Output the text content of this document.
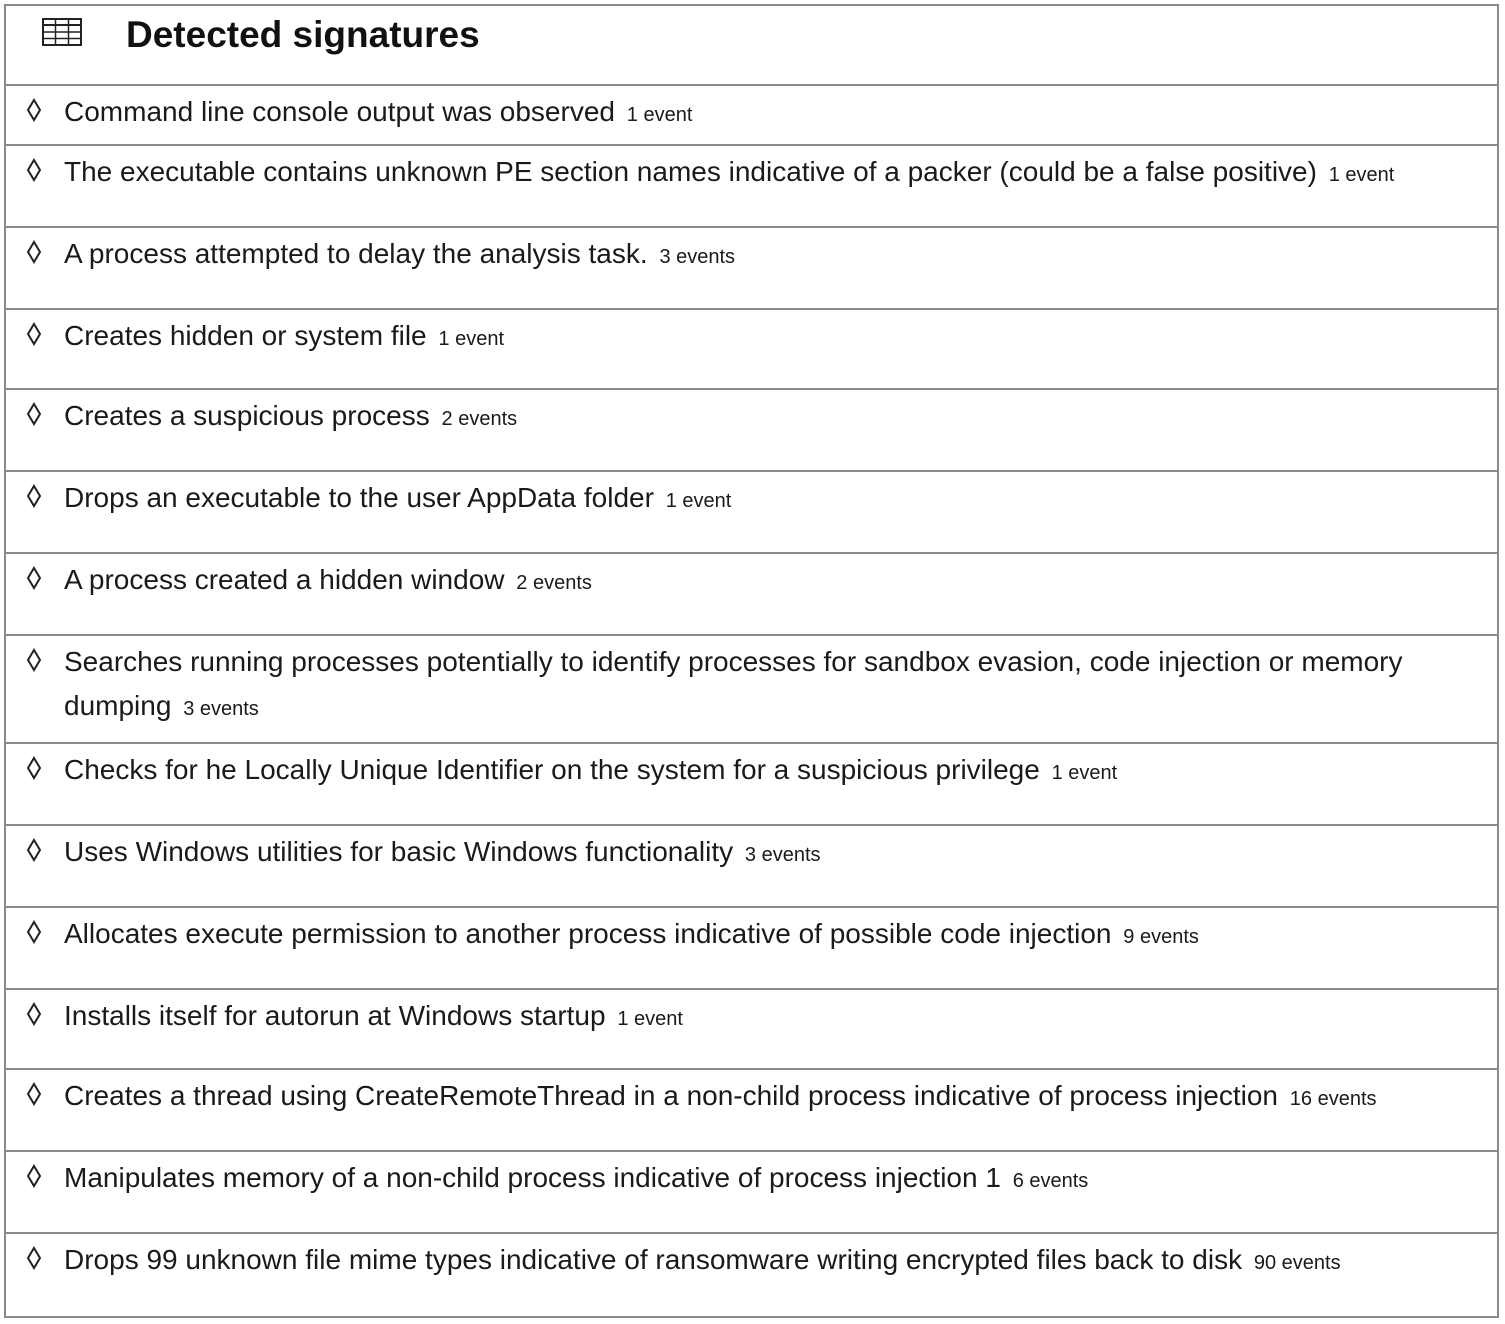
Detected signatures
Command line console output was observed 1 event
The executable contains unknown PE section names indicative of a packer (could be a false positive) 1 event
A process attempted to delay the analysis task. 3 events
Creates hidden or system file 1 event
Creates a suspicious process 2 events
Drops an executable to the user AppData folder 1 event
A process created a hidden window 2 events
Searches running processes potentially to identify processes for sandbox evasion, code injection or memory dumping 3 events
Checks for he Locally Unique Identifier on the system for a suspicious privilege 1 event
Uses Windows utilities for basic Windows functionality 3 events
Allocates execute permission to another process indicative of possible code injection 9 events
Installs itself for autorun at Windows startup 1 event
Creates a thread using CreateRemoteThread in a non-child process indicative of process injection 16 events
Manipulates memory of a non-child process indicative of process injection 1 6 events
Drops 99 unknown file mime types indicative of ransomware writing encrypted files back to disk 90 events
